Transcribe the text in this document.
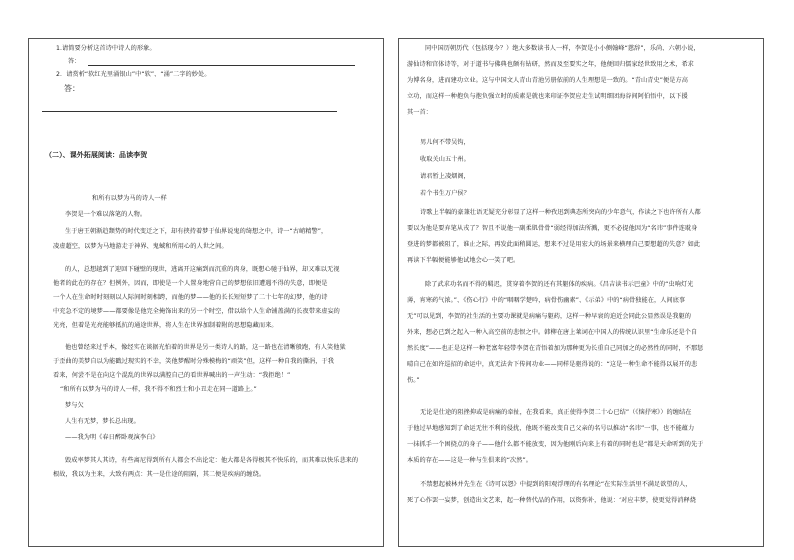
1.请简要分析这首诗中诗人的形象。
答：
2．请赏析“软红光里涌银山”中“软”、“涌”二字的妙处。
答：
（二）、课外拓展阅读：品读李贺
和所有以梦为马的诗人一样
李贺是一个难以落笔的人物。
生于唐王朝渐趋颓势的时代变迁之下，却有挟持着梦于仙界说鬼的绮想之中，诗一“古峭精警”，
凌虚超空，以梦为马地游走于神界、鬼蜮和所用心的人世之间。
的人，总想越到了迎回下碰壁的现世，逃离开这痛到而沉重的肉身，既想心驰于仙界，却又难以无视
他者的此在的存在？但例外，因而，即使是一个人置身地营自己的梦想依旧遭遇不得的失意，即便是
一个人在生命时时刻刻以人际间时刻相跨，而他的梦——他的长长短短梦了二十七年的幻梦，他的诗
中充急不定的境梦——都要像是他完全掩饰出来的另一个时空，借以给个人生命铺盖满的长夜带来虚妄的
光亮，但着是光亮能够抵抗的通途世界，将人生在世界加制着附的思想隐藏而来。
他也曾经来过乎本，像经实在谈据光怕着的世界是另一类诗人的路，这一路也在清晰般跑，有人笑他狱
于歪曲的美梦自以为能戳过现实的不幸，笑他梦醒时分殊模梅的“顽笑”但，这样一种自我的撕涓，于我
看来，何尝不是在向这个混乱的世界以满腔自己的看世界喊出的一声生动：“我拒绝！”
“和所有以梦为马的诗人一样，我不得不和烈士和小丑走在同一道路上。”
梦与欠
人生有无梦，梦长总出现。
——我为明《春日醉卧观演李白》
毁成率梦其人其诗，有些离尼得到所有人都会不出论定：他大都是各得极其不快乐的，而其难以快乐悲来的
根故，我以为主来，大致有两点：其一是仕途的阻隔，其二便是疾病的缠绕。
同中国历朝历代（包括现今？）绝大多数读书人一样，李贺是小小侧翰峰“慈辞”，乐尚、六朝小说，
游仙诗和宫体诗等，对于道书与佛典也颇有钻研，然而及至要实之年，他便回归儒家经世致用之术，希求
为博名身，进而建功立业。这与中国文人青山青池另册依前的人生理想是一致的。“青山青史”便是方高
立功，而这样一种抱负与抱负强立时的质素是就也来印证李贺应走生试明细团海谷间阿伯悟中，以下援
其一首：
男儿何不带吴钩，
收取关山五十州。
请君暂上凌烟阁，
若个书生万户侯？
诗歌上半幅的豪兼壮语无疑充分彰显了这样一种孜迅到典态所突向的少年意气，作读之下也许所有人都
要以为他是要弃笔从戎了？智且不说他一副柔肌骨骨“弱经得加法所溅，更不必提他因为“名讳”事件连耽身
登进的梦都被阻了，谁止之际，再发此面稍圆运，想来不过是用宏大的场景来横理自己要想超的失意？如此
再读下半幅便能够他试地会心一笑了吧。
除了武求功名而不得的羁迟，贯穿着李贺的还有其躯体的疾病。《昌吉读书示巴童》中的“虫响灯光
薄，宵寒药气浓。”、《伤心行》中的“咽咽学楚吟，病骨伤幽素”、《示弟》中的“病骨独能在，人间底事
无”可以见到，李贺的社生活的主要功课就是病痛与躯药，这样一种早衰的迫近会同此公显然误是我躯的
外来，想必已到之起入一种入高空前的悲恨之中。韩柳在唐上莱词在中国人的传统认识里“生命乐还是个自
然长度”——也正是这样一种老富年轻带李贺在青悟着加为那种更为长重自己同加之的必然性的同时，不那惩
晴自己在如许巡招的命运中，真无法舍下传间功业——同样是驱得说的：“这是一种生命不能得以展开的悲
伤。”
无论是仕途的阻挫抑或是病痛的牵扯，在我看来，真正使得李贺二十心已结”（《恼抒寒》）的缠结在
于他过早地感知到了命运无往不利的侵扰，他既不能改变自己父亲的名号以推动“名讳”一事，也不能蕴力
一抹抓手一个困挠点的身子——他什么都不能放变，因为他刚后向来上有着的同时也是“都是天命听到的先于
本质的存在——这是一种与生俱来的“次然”。
不禁想起被林并先生在《诗可以怨》中提到的阳观浮理的有名理论“在实际生活里不满足欲望的人，
死了心作罢一妄梦，创造出文艺来，起一种替代品的作用，以资弥补，他说：‘对应丰梦，使更觉得消释烧
